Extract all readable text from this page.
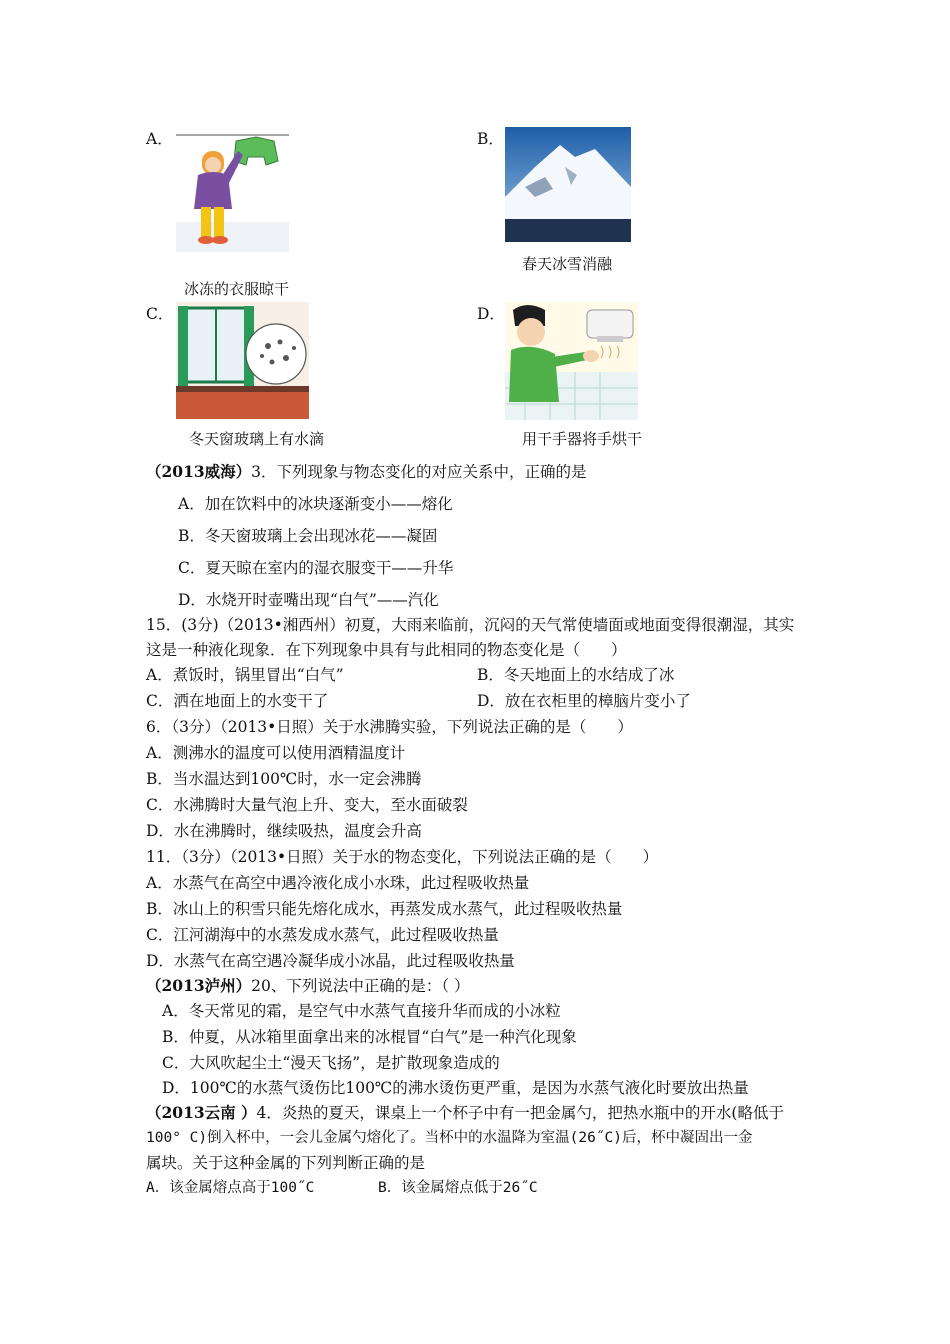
A．
冰冻的衣服晾干
B．
春天冰雪消融
C．
冬天窗玻璃上有水滴
D．
用干手器将手烘干
（2013威海）3．下列现象与物态变化的对应关系中，正确的是
A．加在饮料中的冰块逐渐变小——熔化
B．冬天窗玻璃上会出现冰花——凝固
C．夏天晾在室内的湿衣服变干——升华
D．水烧开时壶嘴出现“白气”——汽化
15．(3分)（2013•湘西州）初夏，大雨来临前，沉闷的天气常使墙面或地面变得很潮湿，其实
这是一种液化现象．在下列现象中具有与此相同的物态变化是（　　）
A．煮饭时，锅里冒出“白气”	B．冬天地面上的水结成了冰
C．洒在地面上的水变干了	D．放在衣柜里的樟脑片变小了
6．（3分）（2013•日照）关于水沸腾实验，下列说法正确的是（　　）
A．测沸水的温度可以使用酒精温度计
B．当水温达到100℃时，水一定会沸腾
C．水沸腾时大量气泡上升、变大，至水面破裂
D．水在沸腾时，继续吸热，温度会升高
11．（3分）（2013•日照）关于水的物态变化，下列说法正确的是（　　）
A．水蒸气在高空中遇冷液化成小水珠，此过程吸收热量
B．冰山上的积雪只能先熔化成水，再蒸发成水蒸气，此过程吸收热量
C．江河湖海中的水蒸发成水蒸气，此过程吸收热量
D．水蒸气在高空遇冷凝华成小冰晶，此过程吸收热量
（2013泸州）20、下列说法中正确的是：（ ）
A．冬天常见的霜，是空气中水蒸气直接升华而成的小冰粒
B．仲夏，从冰箱里面拿出来的冰棍冒“白气”是一种汽化现象
C．大风吹起尘土“漫天飞扬”，是扩散现象造成的
D．100℃的水蒸气烫伤比100℃的沸水烫伤更严重，是因为水蒸气液化时要放出热量
（2013云南 ）4．炎热的夏天，课桌上一个杯子中有一把金属勺，把热水瓶中的开水(略低于
100° C)倒入杯中，一会儿金属勺熔化了。当杯中的水温降为室温(26˝C)后，杯中凝固出一金
属块。关于这种金属的下列判断正确的是
A．该金属熔点高于100˝C	B．该金属熔点低于26˝C
